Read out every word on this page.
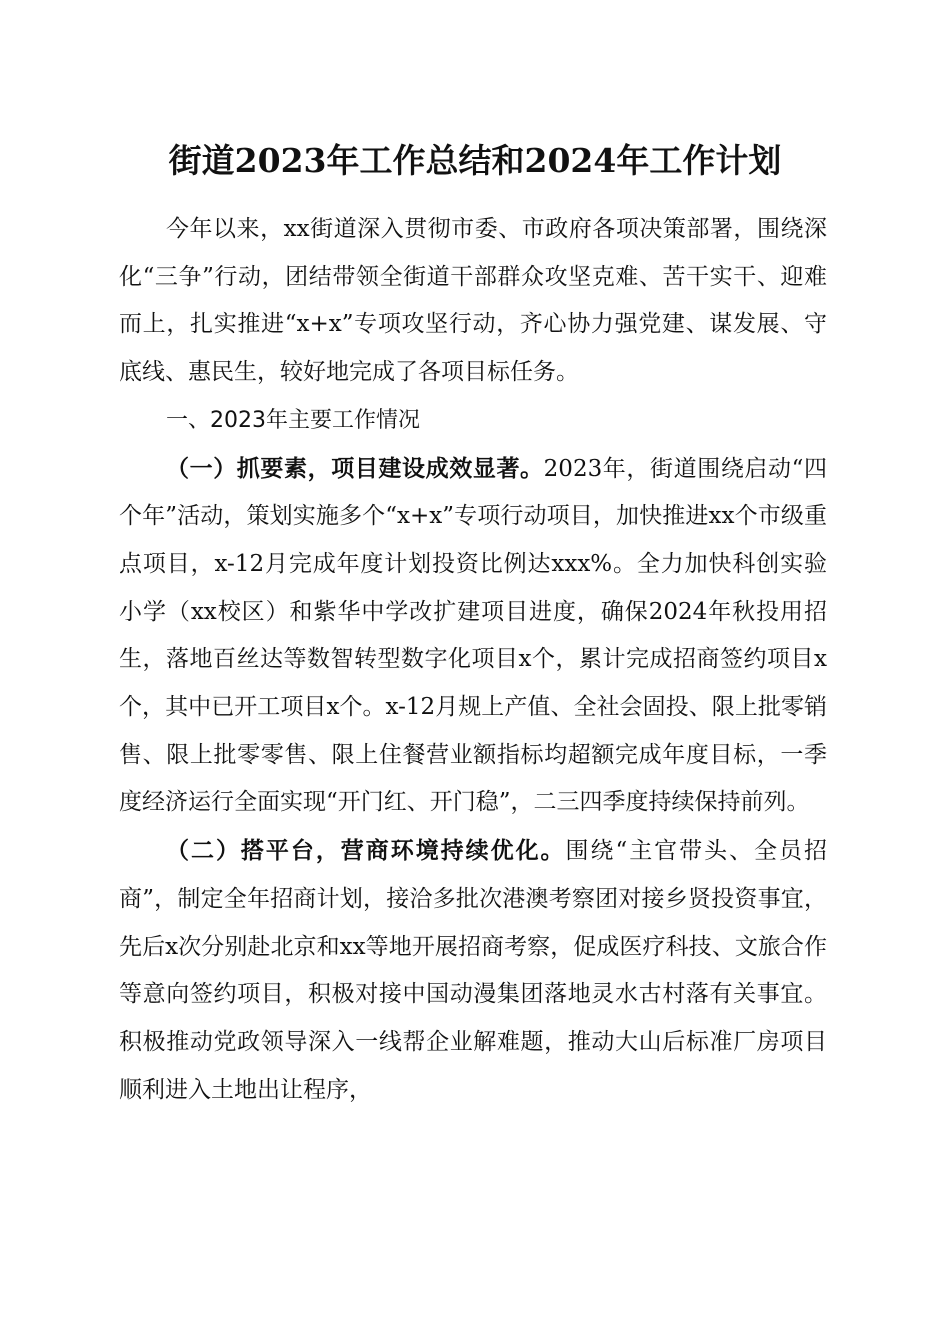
街道2023年工作总结和2024年工作计划

今年以来，xx街道深入贯彻市委、市政府各项决策部署，围绕深化“三争”行动，团结带领全街道干部群众攻坚克难、苦干实干、迎难而上，扎实推进“x+x”专项攻坚行动，齐心协力强党建、谋发展、守底线、惠民生，较好地完成了各项目标任务。

一、2023年主要工作情况

（一）抓要素，项目建设成效显著。2023年，街道围绕启动“四个年”活动，策划实施多个“x+x”专项行动项目，加快推进xx个市级重点项目，x-12月完成年度计划投资比例达xxx%。全力加快科创实验小学（xx校区）和紫华中学改扩建项目进度，确保2024年秋投用招生，落地百丝达等数智转型数字化项目x个，累计完成招商签约项目x个，其中已开工项目x个。x-12月规上产值、全社会固投、限上批零销售、限上批零零售、限上住餐营业额指标均超额完成年度目标，一季度经济运行全面实现“开门红、开门稳”，二三四季度持续保持前列。

（二）搭平台，营商环境持续优化。围绕“主官带头、全员招商”，制定全年招商计划，接洽多批次港澳考察团对接乡贤投资事宜，先后x次分别赴北京和xx等地开展招商考察，促成医疗科技、文旅合作等意向签约项目，积极对接中国动漫集团落地灵水古村落有关事宜。积极推动党政领导深入一线帮企业解难题，推动大山后标准厂房项目顺利进入土地出让程序，
